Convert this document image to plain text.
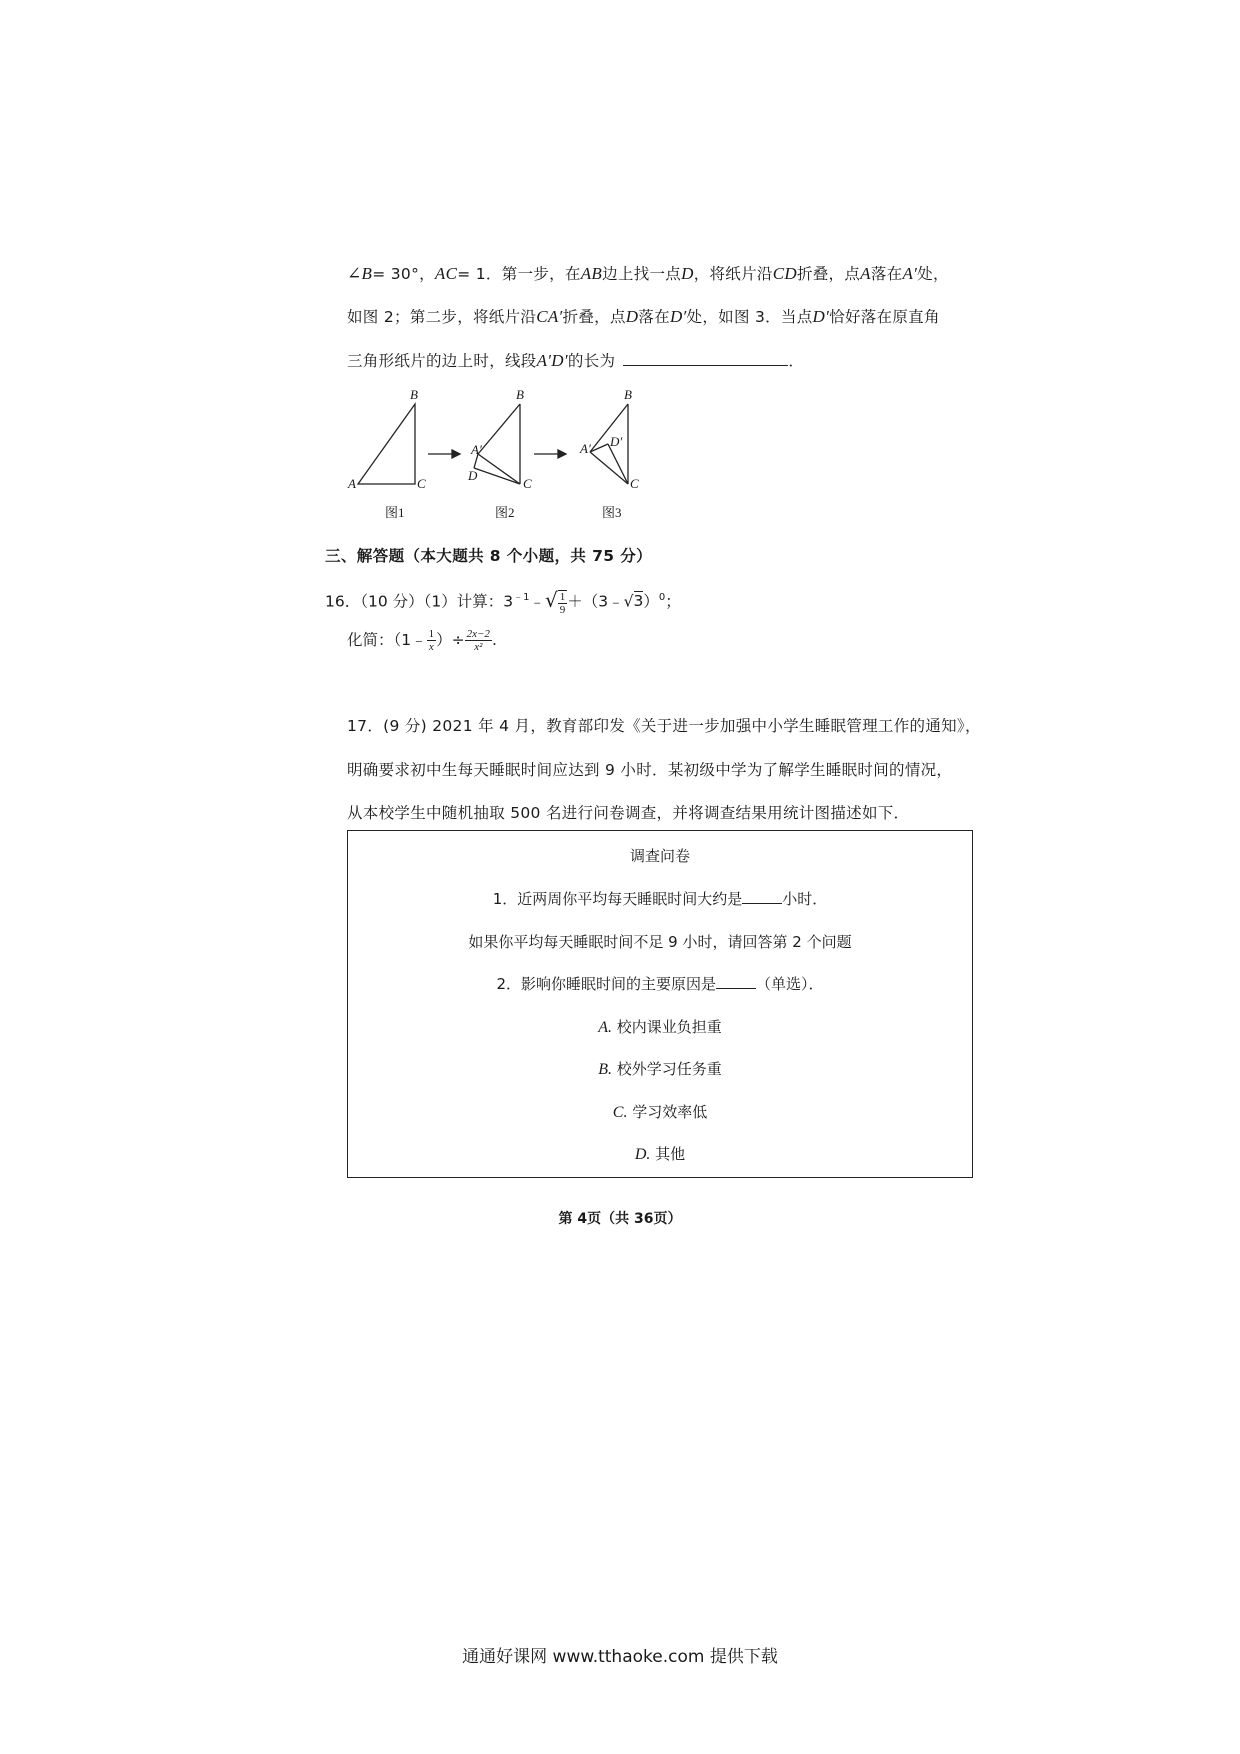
∠B= 30°，AC= 1．第一步，在AB边上找一点D，将纸片沿CD折叠，点A落在A′处，
如图 2；第二步，将纸片沿CA′折叠，点D落在D′处，如图 3．当点D′恰好落在原直角
三角形纸片的边上时，线段A′D′的长为	．
B
A	C
B
A′
D
C
B
A′ D′
C
图1	图2	图3
三、解答题（本大题共 8 个小题，共 75 分）
16．（10 分）（1）计算：$3^{﹣1}﹣√ \frac{1}{9}$ ＋（3﹣√3）$^0$；
化简：（1﹣ $\frac{1}{x}$ ）÷ $\frac{2x-2}{\text{x²}}$ .
17．(9 分) 2021 年 4 月，教育部印发《关于进一步加强中小学生睡眠管理工作的通知》，
明确要求初中生每天睡眠时间应达到 9 小时．某初级中学为了解学生睡眠时间的情况，
从本校学生中随机抽取 500 名进行问卷调查，并将调查结果用统计图描述如下．
调查问卷
1．近两周你平均每天睡眠时间大约是	小时．
如果你平均每天睡眠时间不足 9 小时，请回答第 2 个问题
2．影响你睡眠时间的主要原因是	（单选）．
A. 校内课业负担重
B. 校外学习任务重
C. 学习效率低
D. 其他
第 4页（共 36页）
通通好课网 www.tthaoke.com 提供下载
